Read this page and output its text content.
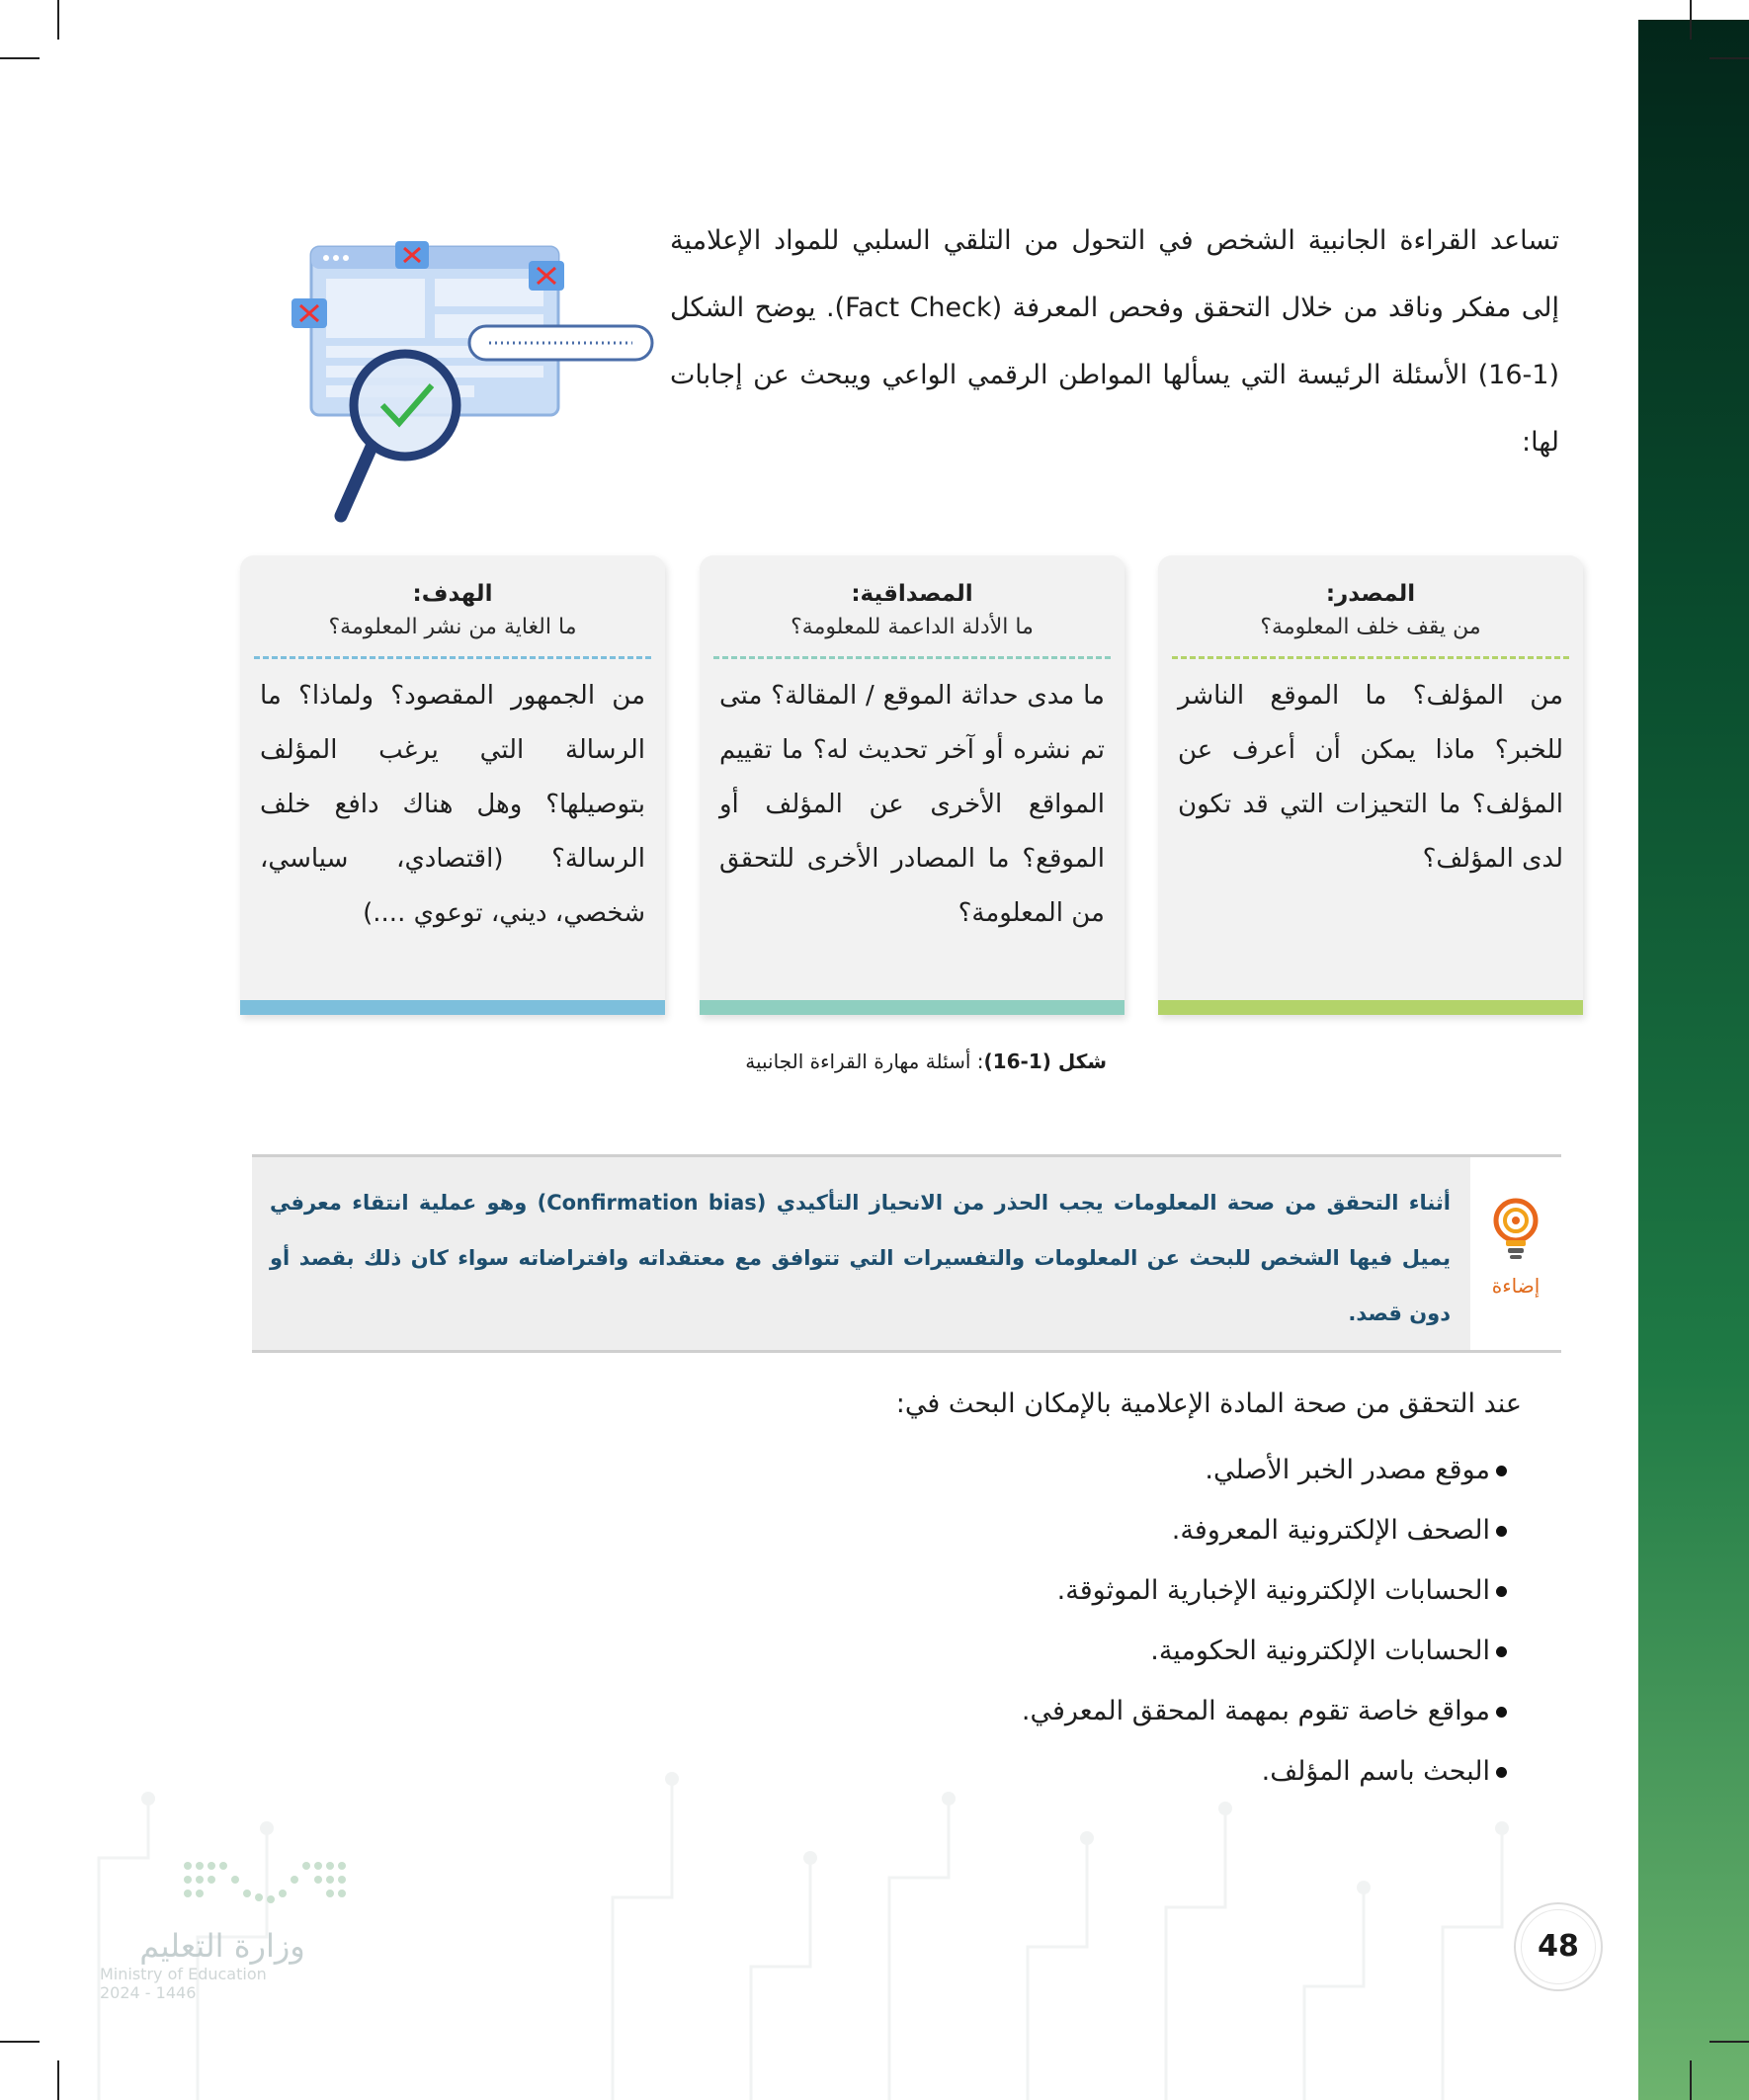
تساعد القراءة الجانبية الشخص في التحول من التلقي السلبي للمواد الإعلامية إلى مفكر وناقد من خلال التحقق وفحص المعرفة (Fact Check). يوضح الشكل (1-16) الأسئلة الرئيسة التي يسألها المواطن الرقمي الواعي ويبحث عن إجابات لها:
المصدر:
من يقف خلف المعلومة؟
من المؤلف؟ ما الموقع الناشر للخبر؟ ماذا يمكن أن أعرف عن المؤلف؟ ما التحيزات التي قد تكون لدى المؤلف؟
المصداقية:
ما الأدلة الداعمة للمعلومة؟
ما مدى حداثة الموقع / المقالة؟ متى تم نشره أو آخر تحديث له؟ ما تقييم المواقع الأخرى عن المؤلف أو الموقع؟ ما المصادر الأخرى للتحقق من المعلومة؟
الهدف:
ما الغاية من نشر المعلومة؟
من الجمهور المقصود؟ ولماذا؟ ما الرسالة التي يرغب المؤلف بتوصيلها؟ وهل هناك دافع خلف الرسالة؟ (اقتصادي، سياسي، شخصي، ديني، توعوي ....)
شكل (1-16): أسئلة مهارة القراءة الجانبية
إضاءة
أثناء التحقق من صحة المعلومات يجب الحذر من الانحياز التأكيدي (Confirmation bias) وهو عملية انتقاء معرفي يميل فيها الشخص للبحث عن المعلومات والتفسيرات التي تتوافق مع معتقداته وافتراضاته سواء كان ذلك بقصد أو دون قصد.
عند التحقق من صحة المادة الإعلامية بالإمكان البحث في:
موقع مصدر الخبر الأصلي.
الصحف الإلكترونية المعروفة.
الحسابات الإلكترونية الإخبارية الموثوقة.
الحسابات الإلكترونية الحكومية.
مواقع خاصة تقوم بمهمة المحقق المعرفي.
البحث باسم المؤلف.
وزارة التعليم
Ministry of Education
2024 - 1446
48
